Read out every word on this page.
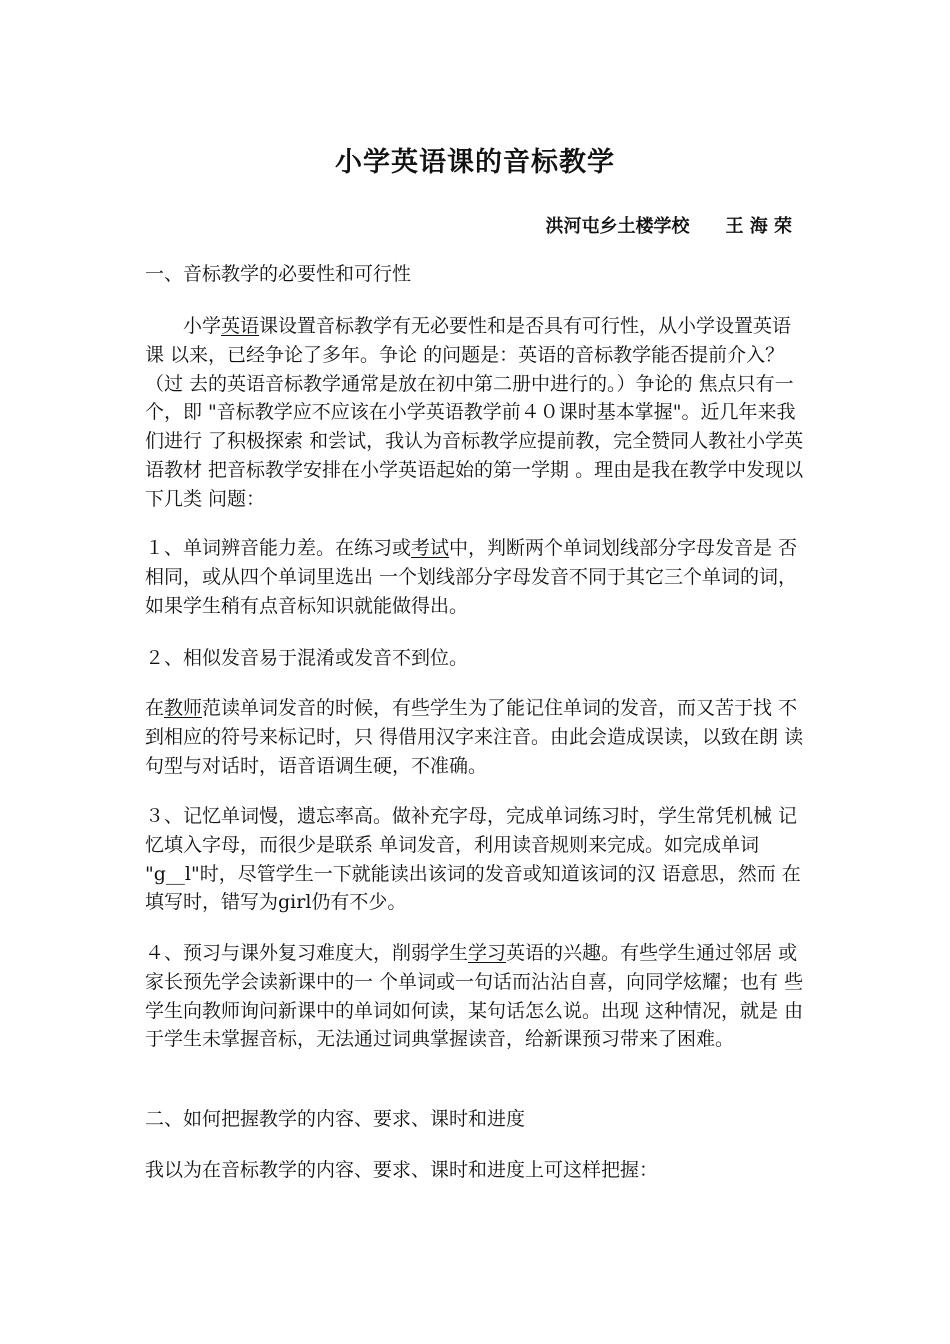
小学英语课的音标教学
洪河屯乡土楼学校　　王 海 荣

一、音标教学的必要性和可行性

小学英语课设置音标教学有无必要性和是否具有可行性，从小学设置英语课 以来，已经争论了多年。争论 的问题是：英语的音标教学能否提前介入？（过 去的英语音标教学通常是放在初中第二册中进行的。）争论的 焦点只有一个，即 "音标教学应不应该在小学英语教学前４０课时基本掌握"。近几年来我们进行 了积极探索 和尝试，我认为音标教学应提前教，完全赞同人教社小学英语教材 把音标教学安排在小学英语起始的第一学期 。理由是我在教学中发现以下几类 问题：

１、单词辨音能力差。在练习或考试中，判断两个单词划线部分字母发音是 否相同，或从四个单词里选出 一个划线部分字母发音不同于其它三个单词的词， 如果学生稍有点音标知识就能做得出。

２、相似发音易于混淆或发音不到位。

在教师范读单词发音的时候，有些学生为了能记住单词的发音，而又苦于找 不到相应的符号来标记时，只 得借用汉字来注音。由此会造成误读，以致在朗 读句型与对话时，语音语调生硬，不准确。

３、记忆单词慢，遗忘率高。做补充字母，完成单词练习时，学生常凭机械 记忆填入字母，而很少是联系 单词发音，利用读音规则来完成。如完成单词 "g__l"时，尽管学生一下就能读出该词的发音或知道该词的汉 语意思，然而 在填写时，错写为girl仍有不少。

４、预习与课外复习难度大，削弱学生学习英语的兴趣。有些学生通过邻居 或家长预先学会读新课中的一 个单词或一句话而沾沾自喜，向同学炫耀；也有 些学生向教师询问新课中的单词如何读，某句话怎么说。出现 这种情况，就是 由于学生未掌握音标，无法通过词典掌握读音，给新课预习带来了困难。

二、如何把握教学的内容、要求、课时和进度

我以为在音标教学的内容、要求、课时和进度上可这样把握：
